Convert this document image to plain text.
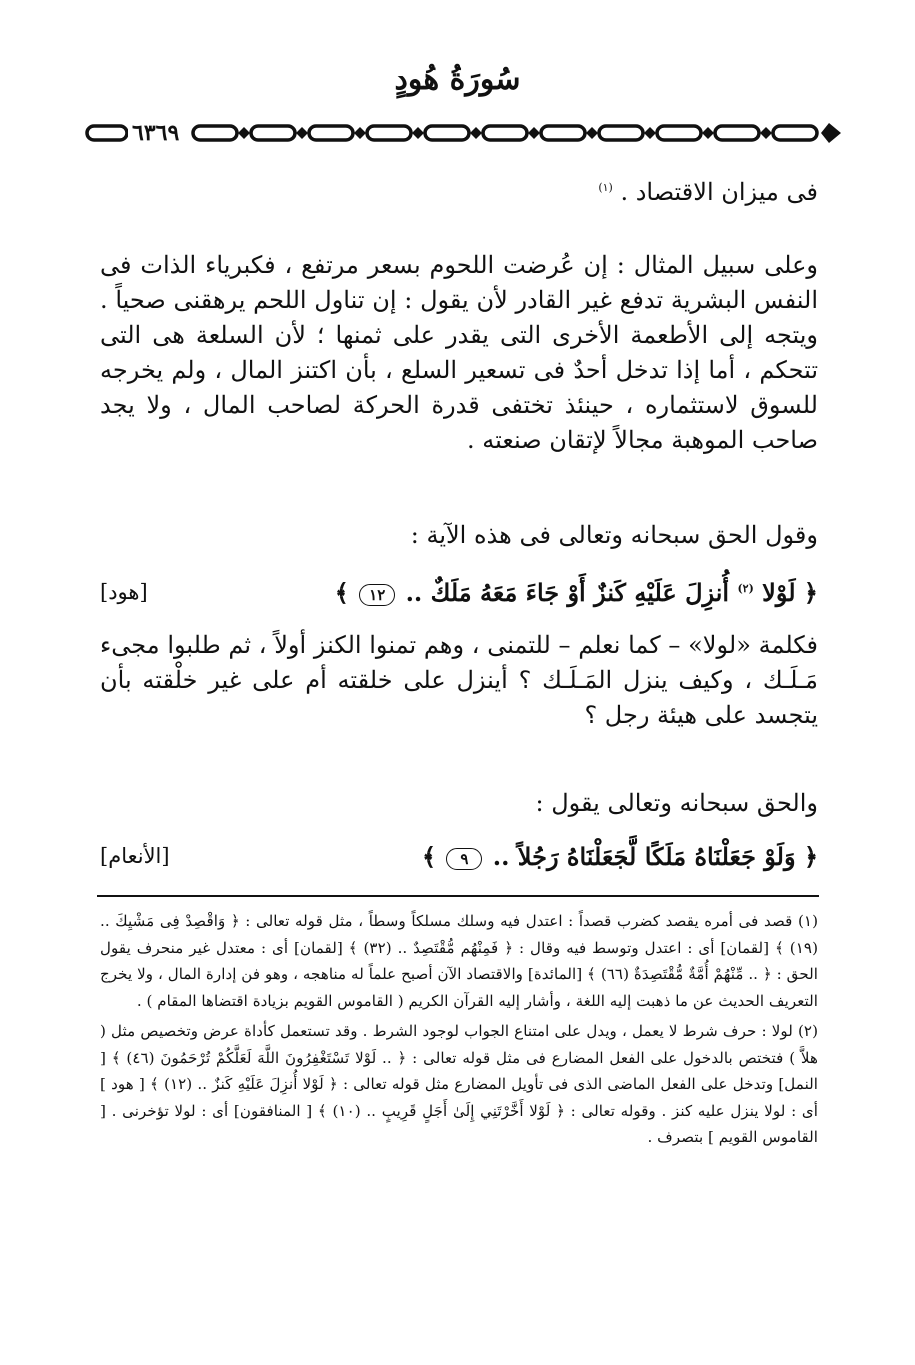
سُورَةُ هُودٍ
٦٣٦٩
فى ميزان الاقتصاد . $^{(١)}$
وعلى سبيل المثال : إن عُرضت اللحوم بسعر مرتفع ، فكبرياء الذات فى النفس البشرية تدفع غير القادر لأن يقول : إن تناول اللحم يرهقنى صحياً . ويتجه إلى الأطعمة الأخرى التى يقدر على ثمنها ؛ لأن السلعة هى التى تتحكم ، أما إذا تدخل أحدٌ فى تسعير السلع ، بأن اكتنز المال ، ولم يخرجه للسوق لاستثماره ، حينئذ تختفى قدرة الحركة لصاحب المال ، ولا يجد صاحب الموهبة مجالاً لإتقان صنعته .
وقول الحق سبحانه وتعالى فى هذه الآية :
﴿ لَوْلا $^{(٢)}$ أُنزِلَ عَلَيْهِ كَنزٌ أَوْ جَاءَ مَعَهُ مَلَكٌ .. ١٢ ﴾
[هود]
فكلمة «لولا» – كما نعلم – للتمنى ، وهم تمنوا الكنز أولاً ، ثم طلبوا مجىء مَـلَـك ، وكيف ينزل المَـلَـك ؟ أينزل على خلقته أم على غير خلْقته بأن يتجسد على هيئة رجل ؟
والحق سبحانه وتعالى يقول :
﴿ وَلَوْ جَعَلْنَاهُ مَلَكًا لَّجَعَلْنَاهُ رَجُلاً .. ٩ ﴾
[الأنعام]

(١) قصد فى أمره يقصد كضرب قصداً : اعتدل فيه وسلك مسلكاً وسطاً ، مثل قوله تعالى : ﴿ وَاقْصِدْ فِى مَشْيِكَ .. (١٩) ﴾ [لقمان] أى : اعتدل وتوسط فيه وقال : ﴿ فَمِنْهُم مُّقْتَصِدٌ .. (٣٢) ﴾ [لقمان] أى : معتدل غير منحرف يقول الحق : ﴿ .. مِّنْهُمْ أُمَّةٌ مُّقْتَصِدَةٌ (٦٦) ﴾ [المائدة] والاقتصاد الآن أصبح علماً له مناهجه ، وهو فن إدارة المال ، ولا يخرج التعريف الحديث عن ما ذهبت إليه اللغة ، وأشار إليه القرآن الكريم ( القاموس القويم بزيادة اقتضاها المقام ) .

(٢) لولا : حرف شرط لا يعمل ، ويدل على امتناع الجواب لوجود الشرط . وقد تستعمل كأداة عرض وتخصيص مثل ( هلاَّ ) فتختص بالدخول على الفعل المضارع فى مثل قوله تعالى : ﴿ .. لَوْلا تَسْتَغْفِرُونَ اللَّهَ لَعَلَّكُمْ تُرْحَمُونَ (٤٦) ﴾ [ النمل] وتدخل على الفعل الماضى الذى فى تأويل المضارع مثل قوله تعالى : ﴿ لَوْلا أُنزِلَ عَلَيْهِ كَنزٌ .. (١٢) ﴾ [ هود ] أى : لولا ينزل عليه كنز . وقوله تعالى : ﴿ لَوْلا أَخَّرْتَنِي إِلَىٰ أَجَلٍ قَرِيبٍ .. (١٠) ﴾ [ المنافقون] أى : لولا تؤخرنى . [ القاموس القويم ] بتصرف .
